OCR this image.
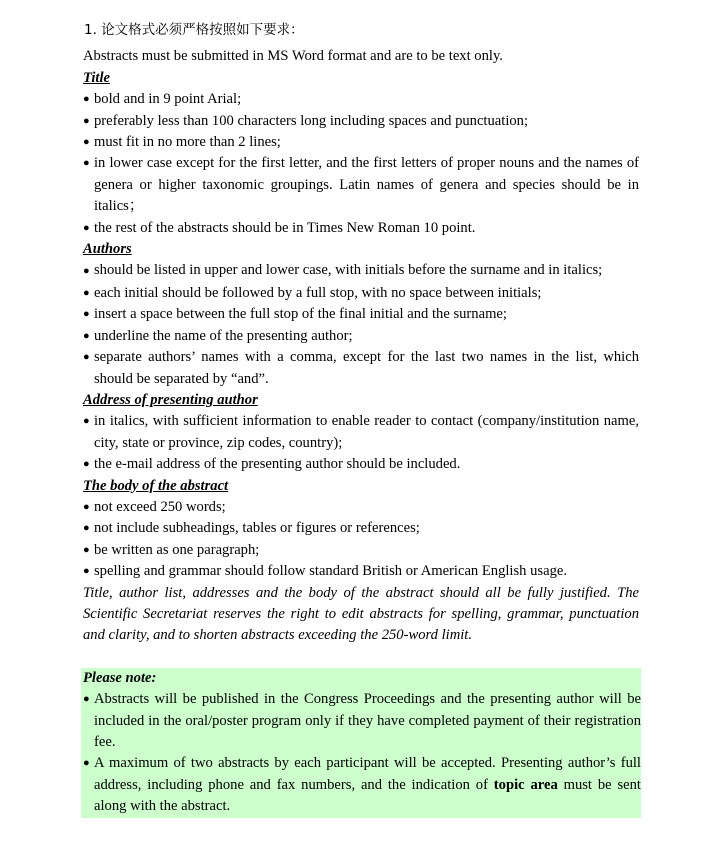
1. 论文格式必须严格按照如下要求：

Abstracts must be submitted in MS Word format and are to be text only.

Title
● bold and in 9 point Arial;
● preferably less than 100 characters long including spaces and punctuation;
● must fit in no more than 2 lines;
● in lower case except for the first letter, and the first letters of proper nouns and the names of genera or higher taxonomic groupings. Latin names of genera and species should be in italics；
● the rest of the abstracts should be in Times New Roman 10 point.
Authors
● should be listed in upper and lower case, with initials before the surname and in italics;
● each initial should be followed by a full stop, with no space between initials;
● insert a space between the full stop of the final initial and the surname;
● underline the name of the presenting author;
● separate authors’ names with a comma, except for the last two names in the list, which should be separated by “and”.
Address of presenting author
● in italics, with sufficient information to enable reader to contact (company/institution name, city, state or province, zip codes, country);
● the e-mail address of the presenting author should be included.
The body of the abstract
● not exceed 250 words;
● not include subheadings, tables or figures or references;
● be written as one paragraph;
● spelling and grammar should follow standard British or American English usage.

Title, author list, addresses and the body of the abstract should all be fully justified. The Scientific Secretariat reserves the right to edit abstracts for spelling, grammar, punctuation and clarity, and to shorten abstracts exceeding the 250-word limit.

Please note:
● Abstracts will be published in the Congress Proceedings and the presenting author will be included in the oral/poster program only if they have completed payment of their registration fee.
● A maximum of two abstracts by each participant will be accepted. Presenting author’s full address, including phone and fax numbers, and the indication of topic area must be sent along with the abstract.
